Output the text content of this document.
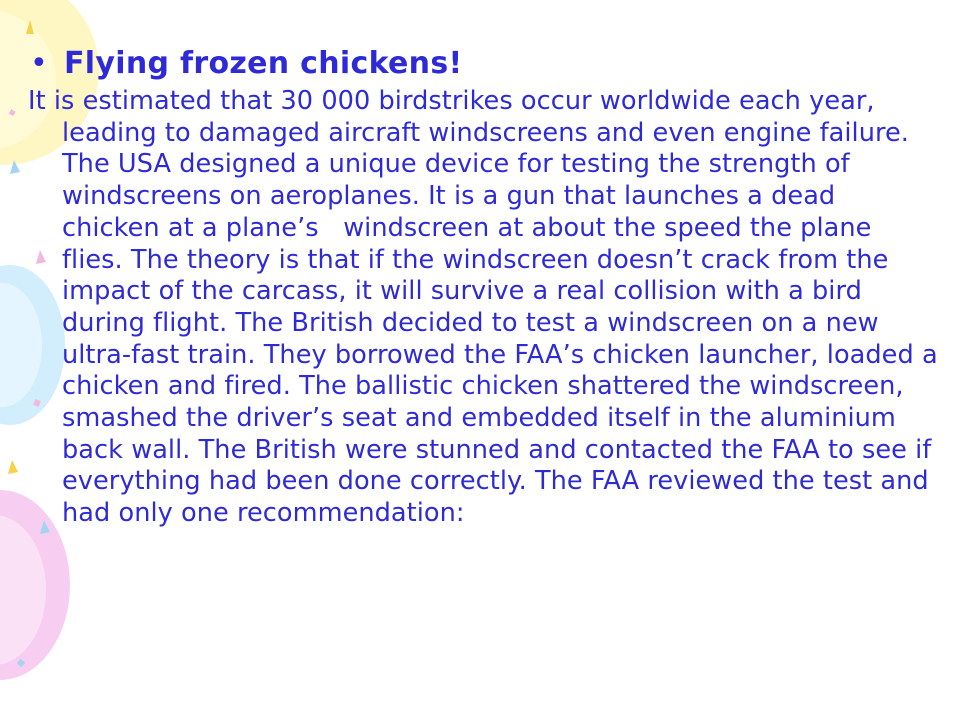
• Flying frozen chickens!

It is estimated that 30 000 birdstrikes occur worldwide each year, leading to damaged aircraft windscreens and even engine failure. The USA designed a unique device for testing the strength of windscreens on aeroplanes. It is a gun that launches a dead chicken at a plane’s   windscreen at about the speed the plane flies. The theory is that if the windscreen doesn’t crack from the impact of the carcass, it will survive a real collision with a bird during flight. The British decided to test a windscreen on a new ultra-fast train. They borrowed the FAA’s chicken launcher, loaded a chicken and fired. The ballistic chicken shattered the windscreen, smashed the driver’s seat and embedded itself in the aluminium back wall. The British were stunned and contacted the FAA to see if everything had been done correctly. The FAA reviewed the test and had only one recommendation:
